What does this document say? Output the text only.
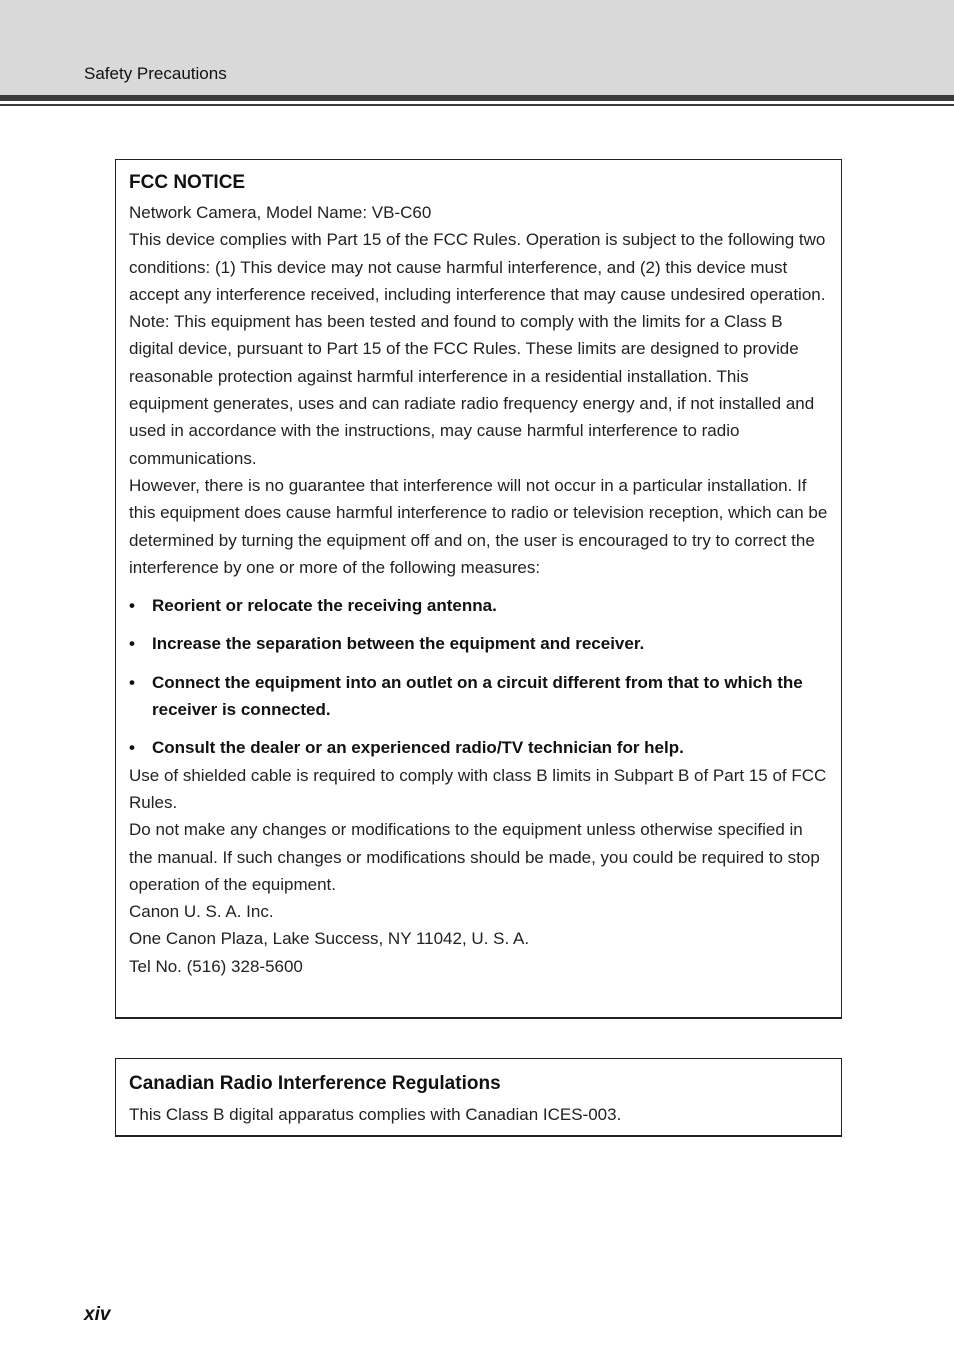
Safety Precautions
FCC NOTICE

Network Camera, Model Name: VB-C60

This device complies with Part 15 of the FCC Rules. Operation is subject to the following two conditions: (1) This device may not cause harmful interference, and (2) this device must accept any interference received, including interference that may cause undesired operation.

Note: This equipment has been tested and found to comply with the limits for a Class B digital device, pursuant to Part 15 of the FCC Rules. These limits are designed to provide reasonable protection against harmful interference in a residential installation. This equipment generates, uses and can radiate radio frequency energy and, if not installed and used in accordance with the instructions, may cause harmful interference to radio communications.

However, there is no guarantee that interference will not occur in a particular installation. If this equipment does cause harmful interference to radio or television reception, which can be determined by turning the equipment off and on, the user is encouraged to try to correct the interference by one or more of the following measures:

• Reorient or relocate the receiving antenna.
• Increase the separation between the equipment and receiver.
• Connect the equipment into an outlet on a circuit different from that to which the receiver is connected.
• Consult the dealer or an experienced radio/TV technician for help.

Use of shielded cable is required to comply with class B limits in Subpart B of Part 15 of FCC Rules.

Do not make any changes or modifications to the equipment unless otherwise specified in the manual. If such changes or modifications should be made, you could be required to stop operation of the equipment.

Canon U. S. A. Inc.

One Canon Plaza, Lake Success, NY 11042, U. S. A.

Tel No. (516) 328-5600

Canadian Radio Interference Regulations

This Class B digital apparatus complies with Canadian ICES-003.

xiv
